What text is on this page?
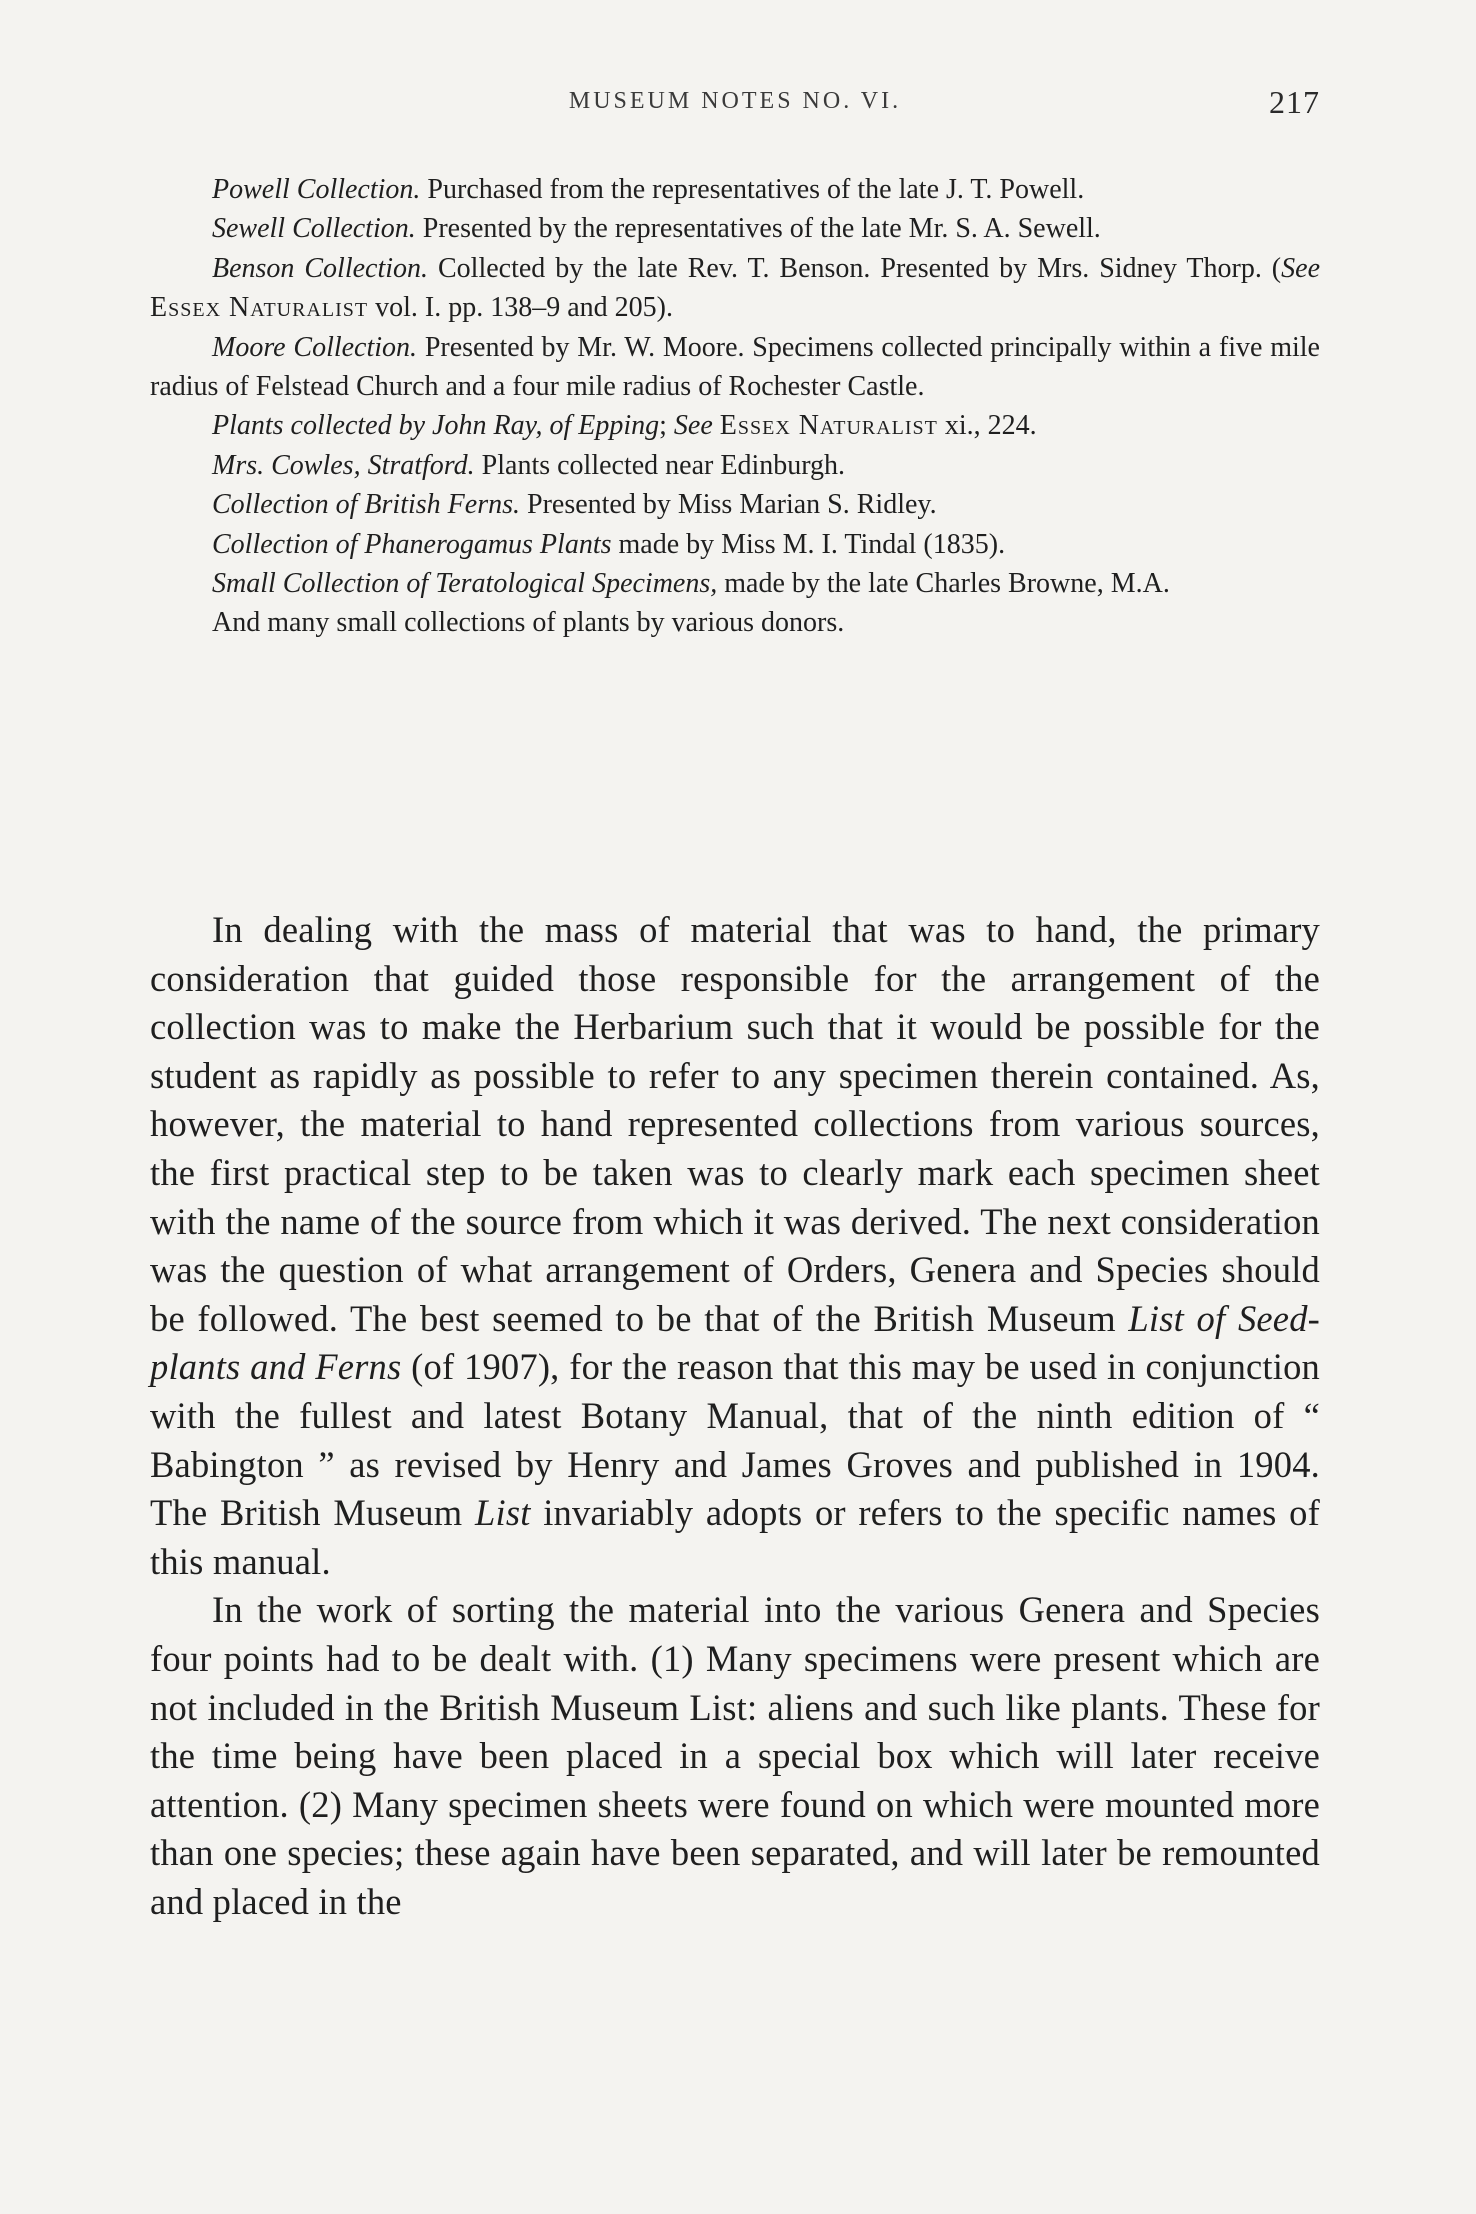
MUSEUM NOTES NO. VI.	217

Powell Collection. Purchased from the representatives of the late J. T. Powell.

Sewell Collection. Presented by the representatives of the late Mr. S. A. Sewell.

Benson Collection. Collected by the late Rev. T. Benson. Presented by Mrs. Sidney Thorp. (See Essex Naturalist vol. I. pp. 138–9 and 205).

Moore Collection. Presented by Mr. W. Moore. Specimens collected principally within a five mile radius of Felstead Church and a four mile radius of Rochester Castle.

Plants collected by John Ray, of Epping; See Essex Naturalist xi., 224.

Mrs. Cowles, Stratford. Plants collected near Edinburgh.

Collection of British Ferns. Presented by Miss Marian S. Ridley.

Collection of Phanerogamus Plants made by Miss M. I. Tindal (1835).

Small Collection of Teratological Specimens, made by the late Charles Browne, M.A.

And many small collections of plants by various donors.

In dealing with the mass of material that was to hand, the primary consideration that guided those responsible for the arrangement of the collection was to make the Herbarium such that it would be possible for the student as rapidly as possible to refer to any specimen therein contained. As, however, the material to hand represented collections from various sources, the first practical step to be taken was to clearly mark each specimen sheet with the name of the source from which it was derived. The next consideration was the question of what arrangement of Orders, Genera and Species should be followed. The best seemed to be that of the British Museum List of Seed-plants and Ferns (of 1907), for the reason that this may be used in conjunction with the fullest and latest Botany Manual, that of the ninth edition of “ Babington ” as revised by Henry and James Groves and published in 1904. The British Museum List invariably adopts or refers to the specific names of this manual.

In the work of sorting the material into the various Genera and Species four points had to be dealt with. (1) Many specimens were present which are not included in the British Museum List: aliens and such like plants. These for the time being have been placed in a special box which will later receive attention. (2) Many specimen sheets were found on which were mounted more than one species; these again have been separated, and will later be remounted and placed in the
